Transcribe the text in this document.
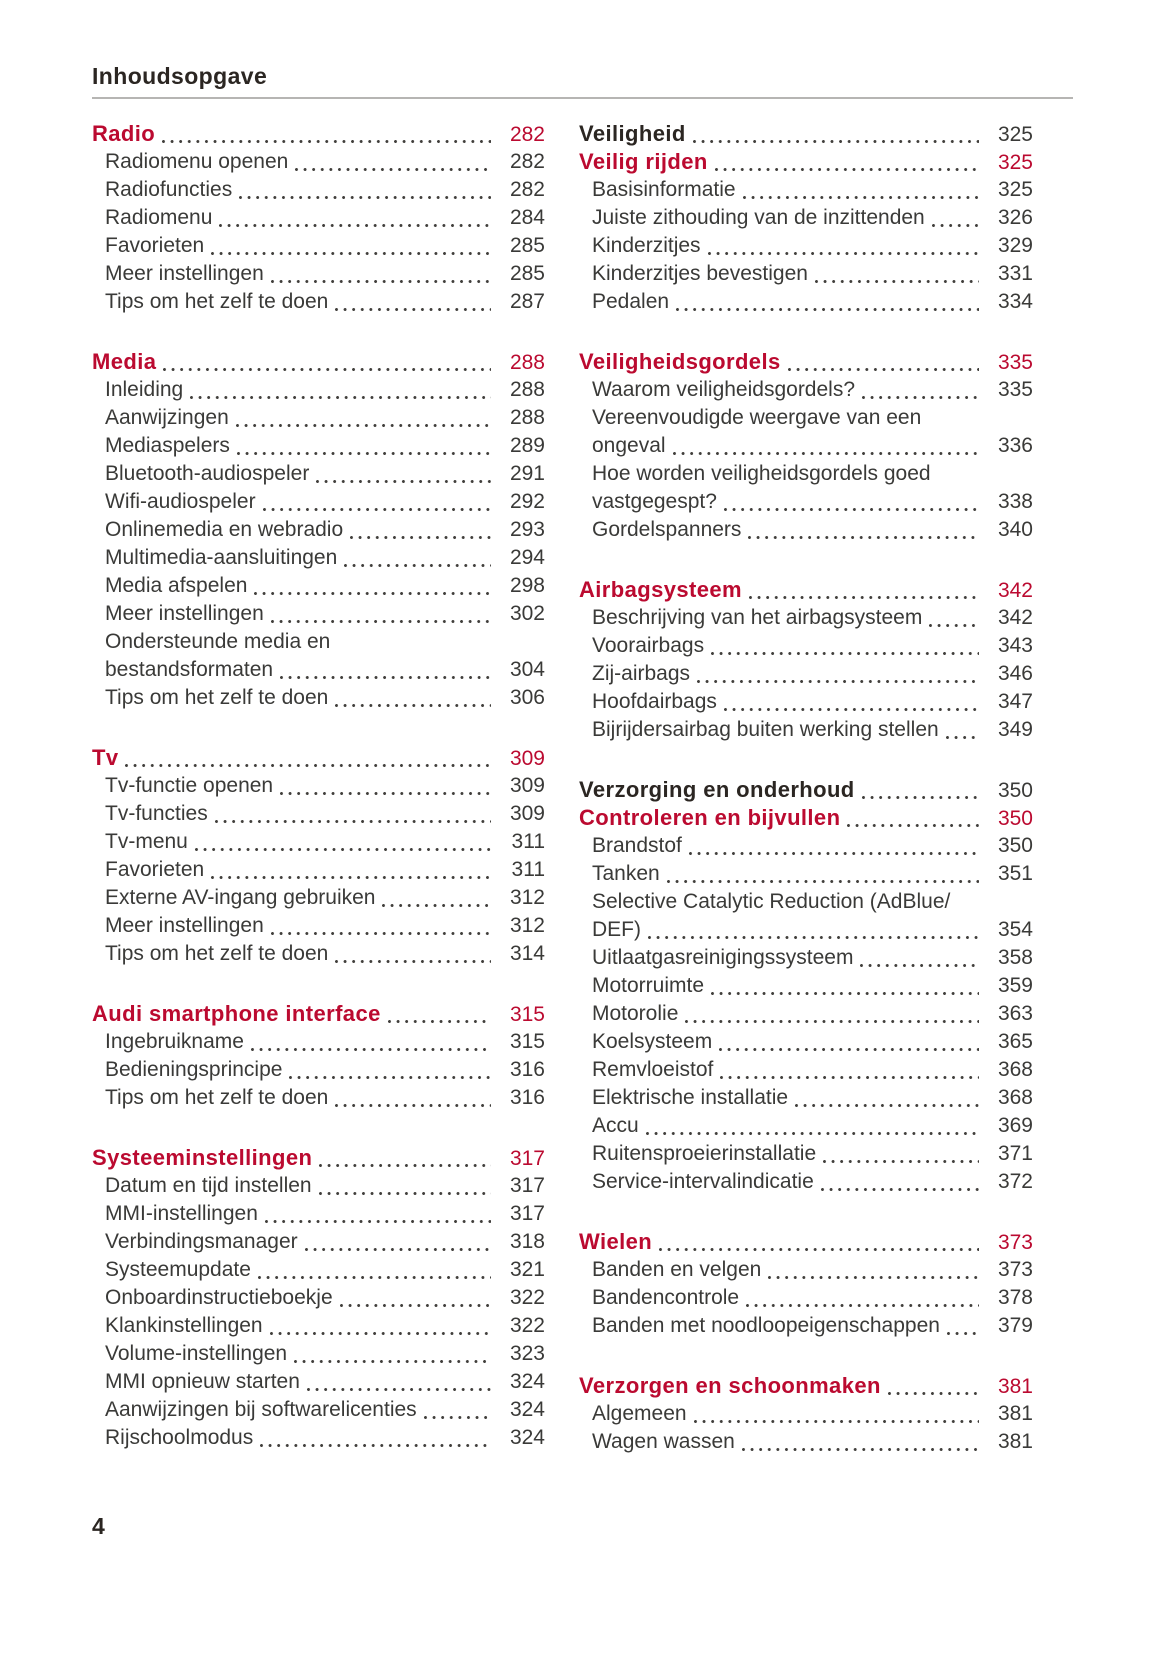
Inhoudsopgave
Radio	282
Radiomenu openen	282
Radiofuncties	282
Radiomenu	284
Favorieten	285
Meer instellingen	285
Tips om het zelf te doen	287
Media	288
Inleiding	288
Aanwijzingen	288
Mediaspelers	289
Bluetooth-audiospeler	291
Wifi-audiospeler	292
Onlinemedia en webradio	293
Multimedia-aansluitingen	294
Media afspelen	298
Meer instellingen	302
Ondersteunde media en
bestandsformaten	304
Tips om het zelf te doen	306
Tv	309
Tv-functie openen	309
Tv-functies	309
Tv-menu	311
Favorieten	311
Externe AV-ingang gebruiken	312
Meer instellingen	312
Tips om het zelf te doen	314
Audi smartphone interface	315
Ingebruikname	315
Bedieningsprincipe	316
Tips om het zelf te doen	316
Systeeminstellingen	317
Datum en tijd instellen	317
MMI-instellingen	317
Verbindingsmanager	318
Systeemupdate	321
Onboardinstructieboekje	322
Klankinstellingen	322
Volume-instellingen	323
MMI opnieuw starten	324
Aanwijzingen bij softwarelicenties	324
Rijschoolmodus	324
Veiligheid	325
Veilig rijden	325
Basisinformatie	325
Juiste zithouding van de inzittenden	326
Kinderzitjes	329
Kinderzitjes bevestigen	331
Pedalen	334
Veiligheidsgordels	335
Waarom veiligheidsgordels?	335
Vereenvoudigde weergave van een
ongeval	336
Hoe worden veiligheidsgordels goed
vastgegespt?	338
Gordelspanners	340
Airbagsysteem	342
Beschrijving van het airbagsysteem	342
Voorairbags	343
Zij-airbags	346
Hoofdairbags	347
Bijrijdersairbag buiten werking stellen	349
Verzorging en onderhoud	350
Controleren en bijvullen	350
Brandstof	350
Tanken	351
Selective Catalytic Reduction (AdBlue/
DEF)	354
Uitlaatgasreinigingssysteem	358
Motorruimte	359
Motorolie	363
Koelsysteem	365
Remvloeistof	368
Elektrische installatie	368
Accu	369
Ruitensproeierinstallatie	371
Service-intervalindicatie	372
Wielen	373
Banden en velgen	373
Bandencontrole	378
Banden met noodloopeigenschappen	379
Verzorgen en schoonmaken	381
Algemeen	381
Wagen wassen	381
4
